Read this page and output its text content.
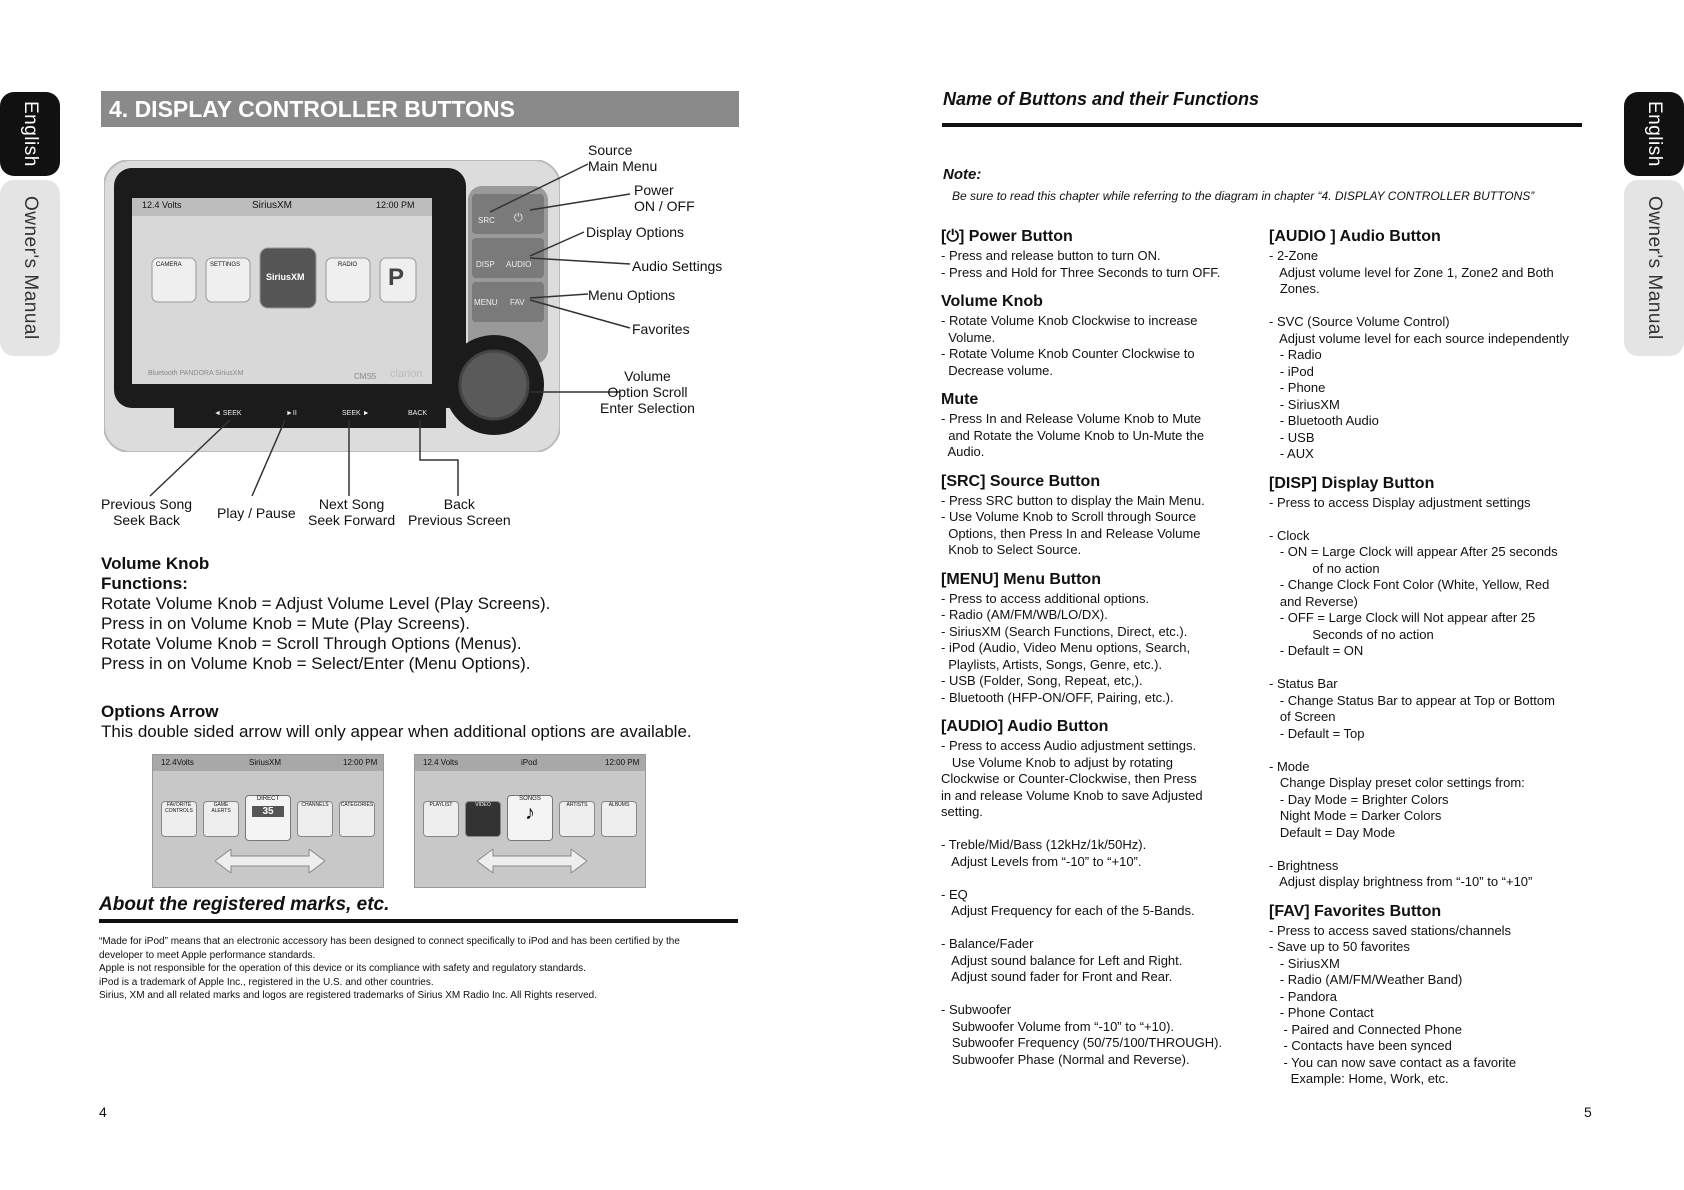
English
Owner's Manual
English
Owner's Manual
4. DISPLAY CONTROLLER BUTTONS
12.4 Volts	SiriusXM	12:00 PM
CAMERA	SETTINGS
SiriusXM
RADIO P
Bluetooth PANDORA SiriusXM	CMS5 clarion
SRC ⏻
DISP AUDIO
MENU FAV
◄ SEEK	►II	SEEK ►	BACK
Source
Main Menu
Power
ON / OFF
Display Options
Audio Settings
Menu Options
Favorites
Volume
Option Scroll
Enter Selection
Previous Song
Seek Back	Play / Pause
Next Song
Seek Forward
Back
Previous Screen
Volume Knob
Functions:
Rotate Volume Knob = Adjust Volume Level (Play Screens).
Press in on Volume Knob = Mute (Play Screens).
Rotate Volume Knob = Scroll Through Options (Menus).
Press in on Volume Knob = Select/Enter (Menu Options).
Options Arrow
This double sided arrow will only appear when additional options are available.
12.4Volts	SiriusXM	12:00 PM
FAVORITE CONTROLS
GAME ALERTS
DIRECT
35
CHANNELS	CATEGORIES
12.4 Volts	iPod	12:00 PM
PLAYLIST	VIDEO
SONGS
♪	ARTISTS	ALBUMS
About the registered marks, etc.
“Made for iPod” means that an electronic accessory has been designed to connect specifically to iPod and has been certified by the
developer to meet Apple performance standards.
Apple is not responsible for the operation of this device or its compliance with safety and regulatory standards.
iPod is a trademark of Apple Inc., registered in the U.S. and other countries.
Sirius, XM and all related marks and logos are registered trademarks of Sirius XM Radio Inc. All Rights reserved.
4
Name of Buttons and their Functions
Note:
Be sure to read this chapter while referring to the diagram in chapter “4. DISPLAY CONTROLLER BUTTONS”
[⏻] Power Button
- Press and release button to turn ON.
- Press and Hold for Three Seconds to turn OFF.
Volume Knob
- Rotate Volume Knob Clockwise to increase
Volume.
- Rotate Volume Knob Counter Clockwise to
Decrease volume.
Mute
- Press In and Release Volume Knob to Mute
and Rotate the Volume Knob to Un-Mute the
Audio.
[SRC] Source Button
- Press SRC button to display the Main Menu.
- Use Volume Knob to Scroll through Source
Options, then Press In and Release Volume
Knob to Select Source.
[MENU] Menu Button
- Press to access additional options.
- Radio (AM/FM/WB/LO/DX).
- SiriusXM (Search Functions, Direct, etc.).
- iPod (Audio, Video Menu options, Search,
Playlists, Artists, Songs, Genre, etc.).
- USB (Folder, Song, Repeat, etc,).
- Bluetooth (HFP-ON/OFF, Pairing, etc.).
[AUDIO] Audio Button
- Press to access Audio adjustment settings.
Use Volume Knob to adjust by rotating
Clockwise or Counter-Clockwise, then Press
in and release Volume Knob to save Adjusted
setting.

- Treble/Mid/Bass (12kHz/1k/50Hz).
Adjust Levels from “-10” to “+10”.

- EQ
Adjust Frequency for each of the 5-Bands.

- Balance/Fader
Adjust sound balance for Left and Right.
Adjust sound fader for Front and Rear.

- Subwoofer
Subwoofer Volume from “-10” to “+10).
Subwoofer Frequency (50/75/100/THROUGH).
Subwoofer Phase (Normal and Reverse).
[AUDIO ] Audio Button
- 2-Zone
Adjust volume level for Zone 1, Zone2 and Both
Zones.

- SVC (Source Volume Control)
Adjust volume level for each source independently
- Radio
- iPod
- Phone
- SiriusXM
- Bluetooth Audio
- USB
- AUX
[DISP] Display Button
- Press to access Display adjustment settings

- Clock
- ON = Large Clock will appear After 25 seconds
of no action
- Change Clock Font Color (White, Yellow, Red
and Reverse)
- OFF = Large Clock will Not appear after 25
Seconds of no action
- Default = ON

- Status Bar
- Change Status Bar to appear at Top or Bottom
of Screen
- Default = Top

- Mode
Change Display preset color settings from:
- Day Mode = Brighter Colors
Night Mode = Darker Colors
Default = Day Mode

- Brightness
Adjust display brightness from “-10” to “+10”
[FAV] Favorites Button
- Press to access saved stations/channels
- Save up to 50 favorites
- SiriusXM
- Radio (AM/FM/Weather Band)
- Pandora
- Phone Contact
- Paired and Connected Phone
- Contacts have been synced
- You can now save contact as a favorite
Example: Home, Work, etc.
5
